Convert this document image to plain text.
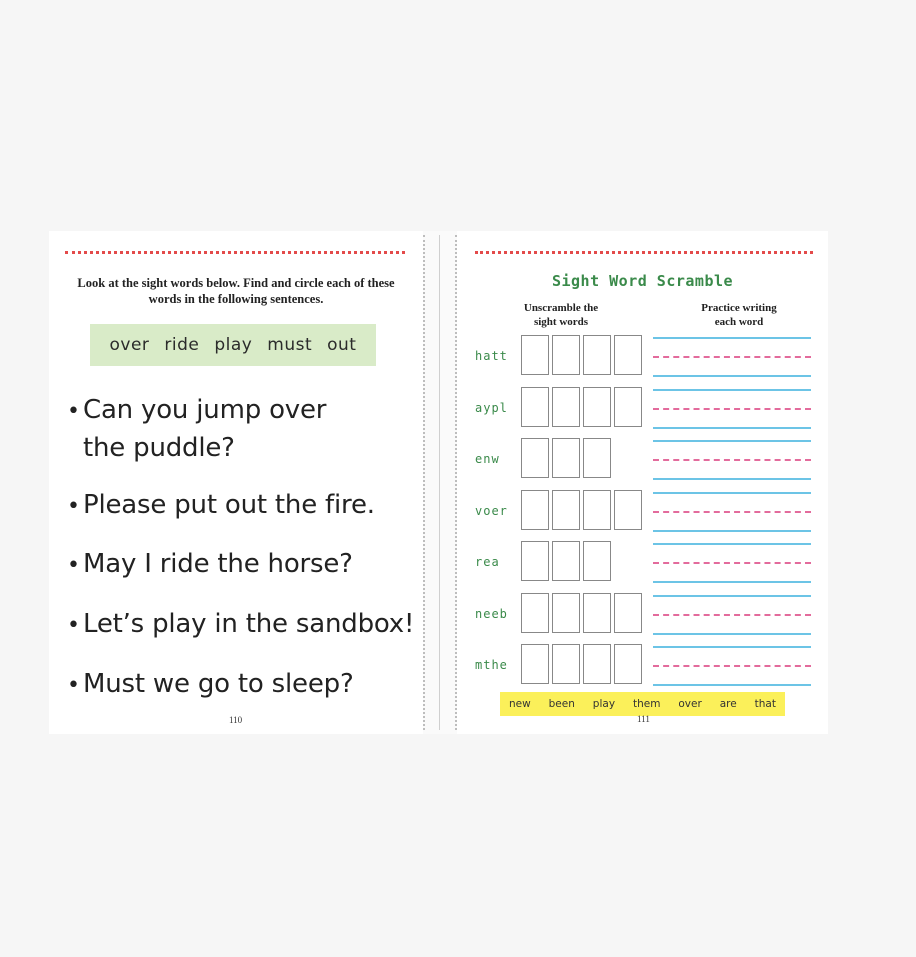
Look at the sight words below. Find and circle each of these words in the following sentences.
over ride play must out
• Can you jump over
the puddle?
• Please put out the fire.
• May I ride the horse?
• Let’s play in the sandbox!
• Must we go to sleep?
110
Sight Word Scramble
Unscramble the
sight words
Practice writing
each word
hatt
aypl
enw
voer
rea
neeb
mthe
new been play them over are that
111
